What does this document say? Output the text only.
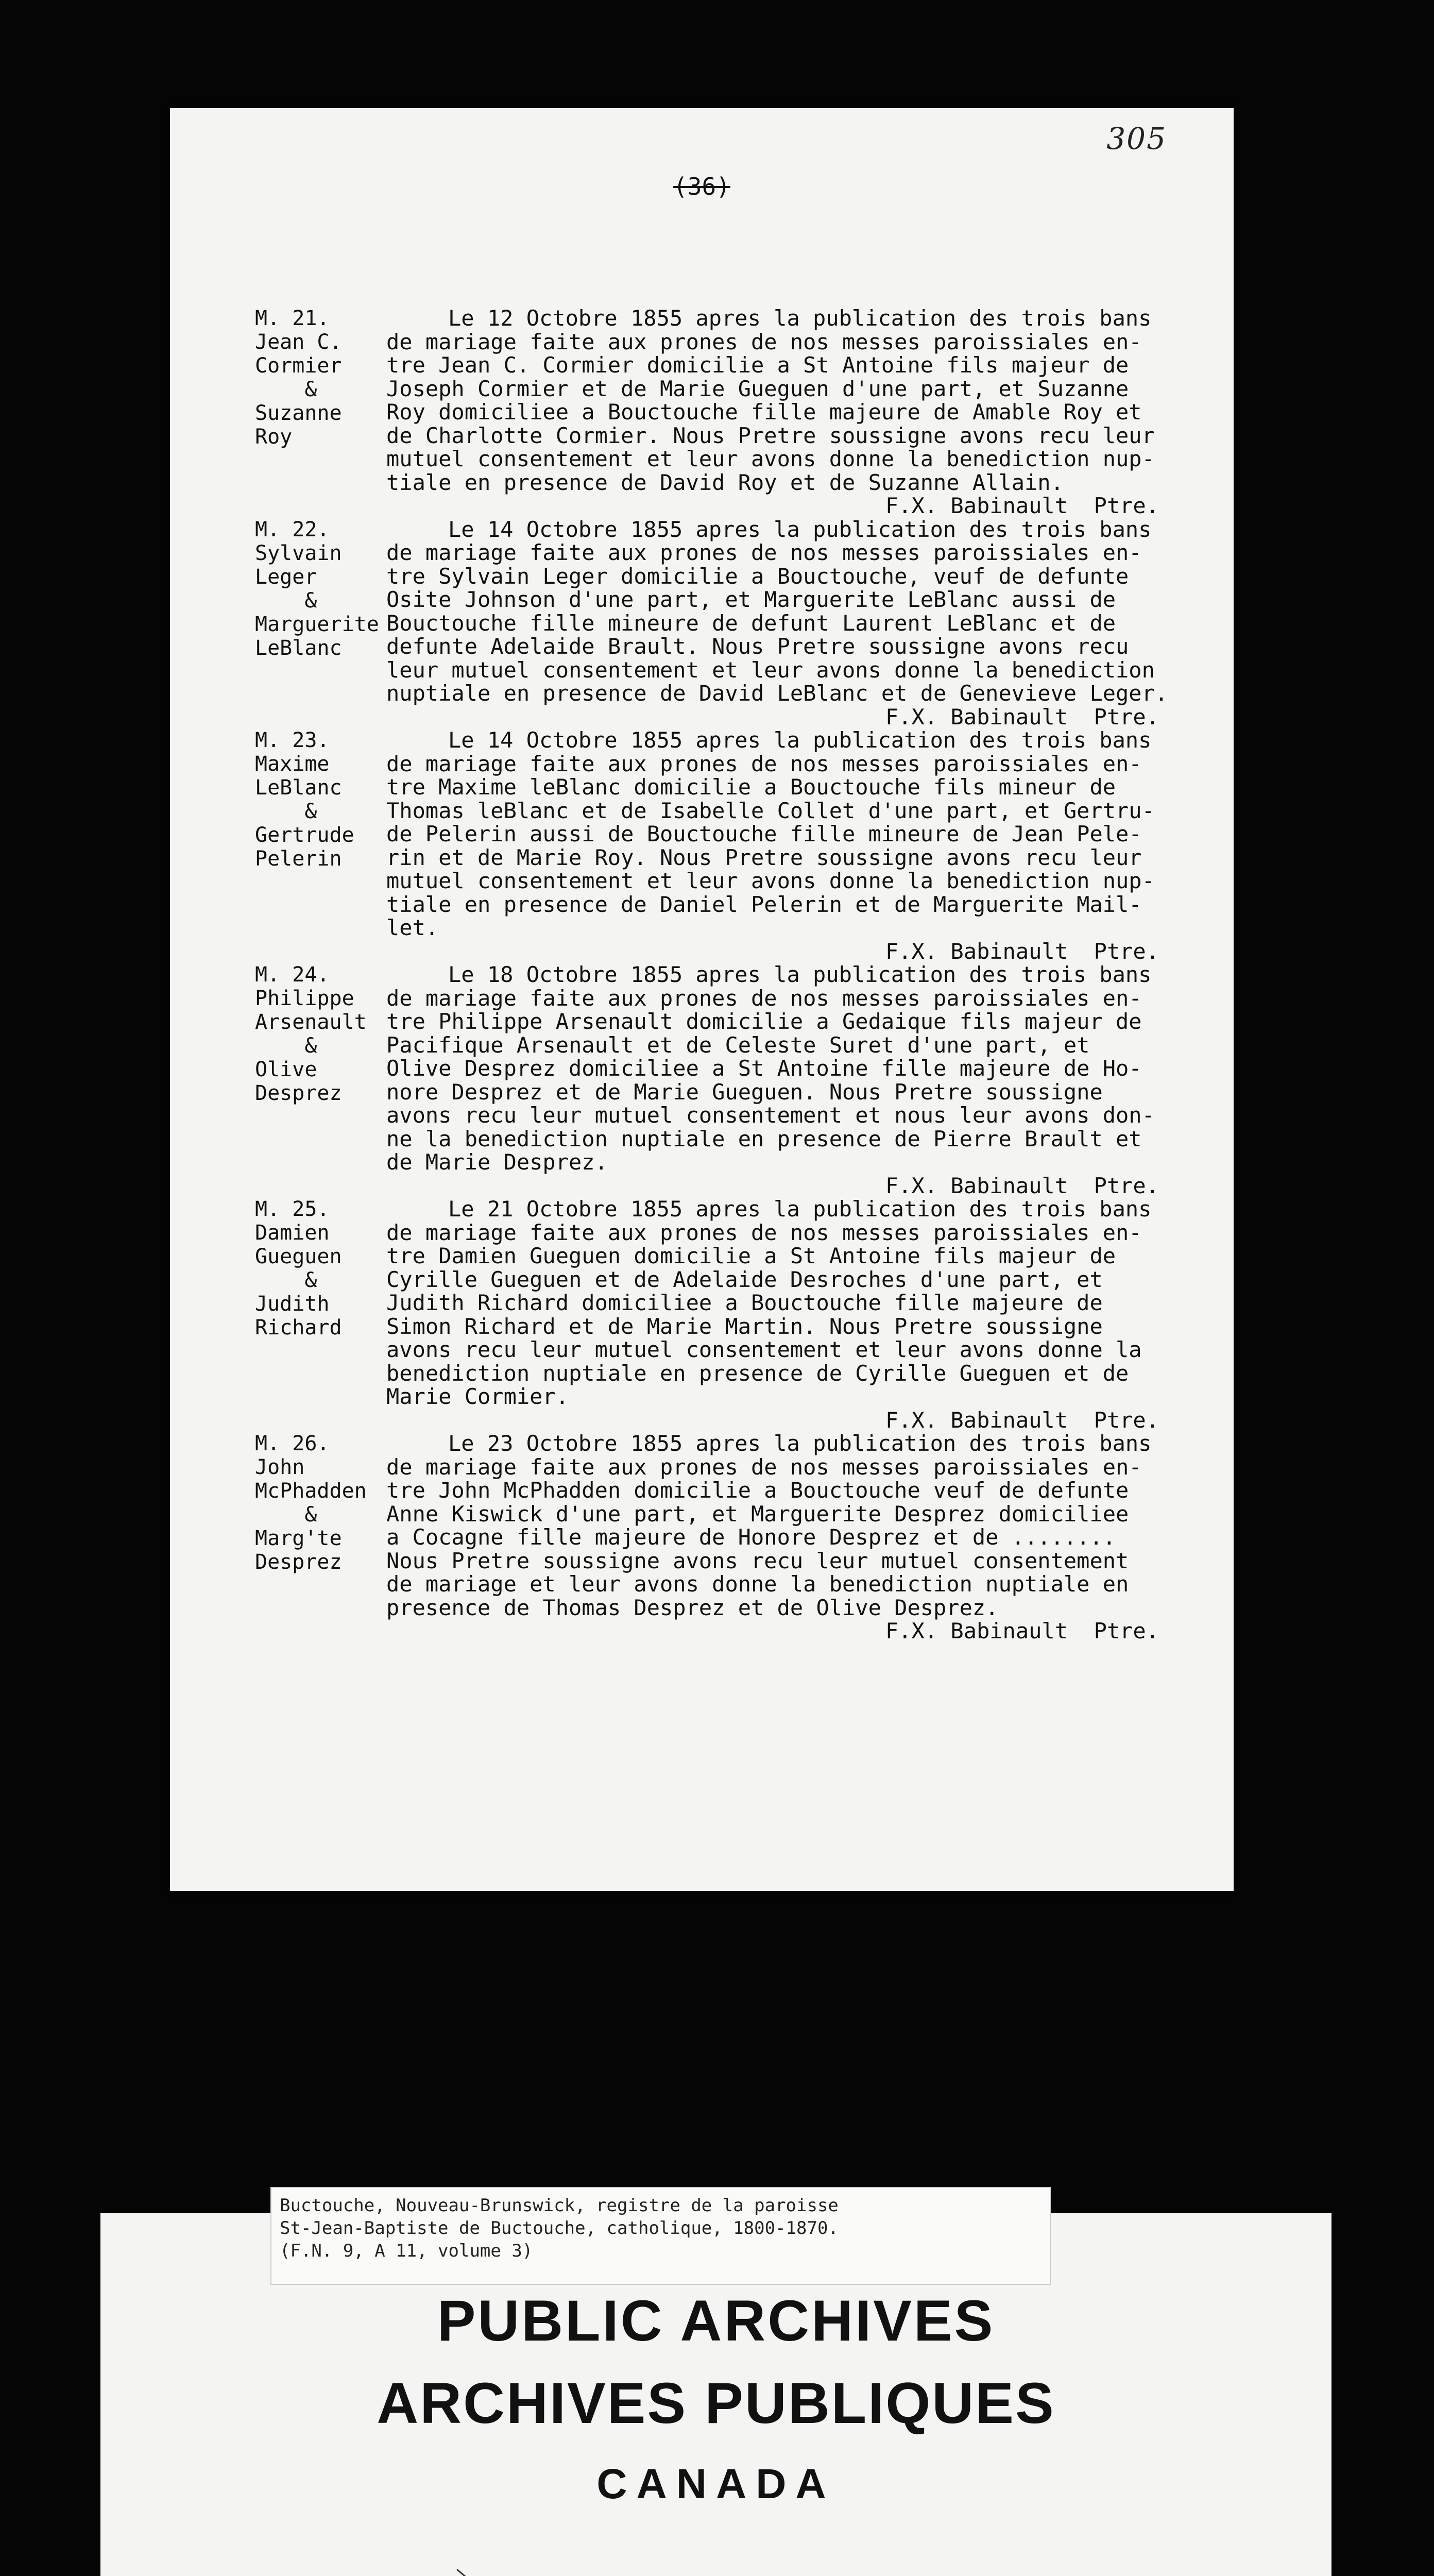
305
(36)
M. 21.
Jean C.
Cormier
&
Suzanne
Roy
Le 12 Octobre 1855 apres la publication des trois bans
de mariage faite aux prones de nos messes paroissiales en-
tre Jean C. Cormier domicilie a St Antoine fils majeur de
Joseph Cormier et de Marie Gueguen d'une part, et Suzanne
Roy domiciliee a Bouctouche fille majeure de Amable Roy et
de Charlotte Cormier. Nous Pretre soussigne avons recu leur
mutuel consentement et leur avons donne la benediction nup-
tiale en presence de David Roy et de Suzanne Allain.
F.X. Babinault  Ptre.
M. 22.
Sylvain
Leger
&
Marguerite
LeBlanc
Le 14 Octobre 1855 apres la publication des trois bans
de mariage faite aux prones de nos messes paroissiales en-
tre Sylvain Leger domicilie a Bouctouche, veuf de defunte
Osite Johnson d'une part, et Marguerite LeBlanc aussi de
Bouctouche fille mineure de defunt Laurent LeBlanc et de
defunte Adelaide Brault. Nous Pretre soussigne avons recu
leur mutuel consentement et leur avons donne la benediction
nuptiale en presence de David LeBlanc et de Genevieve Leger.
F.X. Babinault  Ptre.
M. 23.
Maxime
LeBlanc
&
Gertrude
Pelerin
Le 14 Octobre 1855 apres la publication des trois bans
de mariage faite aux prones de nos messes paroissiales en-
tre Maxime leBlanc domicilie a Bouctouche fils mineur de
Thomas leBlanc et de Isabelle Collet d'une part, et Gertru-
de Pelerin aussi de Bouctouche fille mineure de Jean Pele-
rin et de Marie Roy. Nous Pretre soussigne avons recu leur
mutuel consentement et leur avons donne la benediction nup-
tiale en presence de Daniel Pelerin et de Marguerite Mail-
let.
F.X. Babinault  Ptre.
M. 24.
Philippe
Arsenault
&
Olive
Desprez
Le 18 Octobre 1855 apres la publication des trois bans
de mariage faite aux prones de nos messes paroissiales en-
tre Philippe Arsenault domicilie a Gedaique fils majeur de
Pacifique Arsenault et de Celeste Suret d'une part, et
Olive Desprez domiciliee a St Antoine fille majeure de Ho-
nore Desprez et de Marie Gueguen. Nous Pretre soussigne
avons recu leur mutuel consentement et nous leur avons don-
ne la benediction nuptiale en presence de Pierre Brault et
de Marie Desprez.
F.X. Babinault  Ptre.
M. 25.
Damien
Gueguen
&
Judith
Richard
Le 21 Octobre 1855 apres la publication des trois bans
de mariage faite aux prones de nos messes paroissiales en-
tre Damien Gueguen domicilie a St Antoine fils majeur de
Cyrille Gueguen et de Adelaide Desroches d'une part, et
Judith Richard domiciliee a Bouctouche fille majeure de
Simon Richard et de Marie Martin. Nous Pretre soussigne
avons recu leur mutuel consentement et leur avons donne la
benediction nuptiale en presence de Cyrille Gueguen et de
Marie Cormier.
F.X. Babinault  Ptre.
M. 26.
John
McPhadden
&
Marg'te
Desprez
Le 23 Octobre 1855 apres la publication des trois bans
de mariage faite aux prones de nos messes paroissiales en-
tre John McPhadden domicilie a Bouctouche veuf de defunte
Anne Kiswick d'une part, et Marguerite Desprez domiciliee
a Cocagne fille majeure de Honore Desprez et de ........
Nous Pretre soussigne avons recu leur mutuel consentement
de mariage et leur avons donne la benediction nuptiale en
presence de Thomas Desprez et de Olive Desprez.
F.X. Babinault  Ptre.
Buctouche, Nouveau-Brunswick, registre de la paroisse
St-Jean-Baptiste de Buctouche, catholique, 1800-1870.
(F.N. 9, A 11, volume 3)
PUBLIC ARCHIVES
ARCHIVES PUBLIQUES
CANADA
